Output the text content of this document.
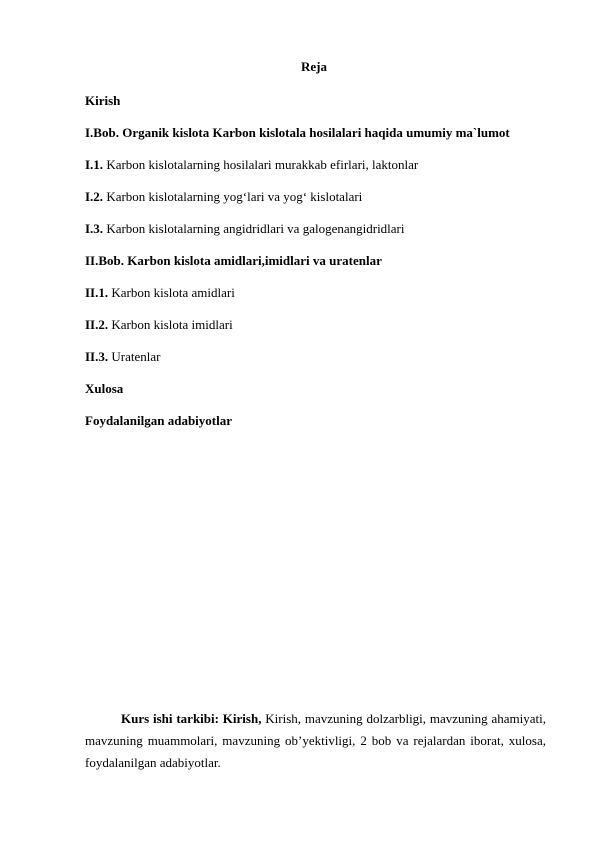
Reja
Kirish
I.Bob. Organik kislota Karbon kislotala hosilalari haqida umumiy ma`lumot
I.1. Karbon kislotalarning hosilalari murakkab efirlari, laktonlar
I.2. Karbon kislotalarning yog‘lari va yog‘ kislotalari
I.3. Karbon kislotalarning angidridlari va galogenangidridlari
II.Bob. Karbon kislota amidlari,imidlari va uratenlar
II.1. Karbon kislota amidlari
II.2. Karbon kislota imidlari
II.3. Uratenlar
Xulosa
Foydalanilgan adabiyotlar

Kurs ishi tarkibi: Kirish, Kirish, mavzuning dolzarbligi, mavzuning ahamiyati, mavzuning muammolari, mavzuning ob’yektivligi, 2 bob va rejalardan iborat, xulosa, foydalanilgan adabiyotlar.
